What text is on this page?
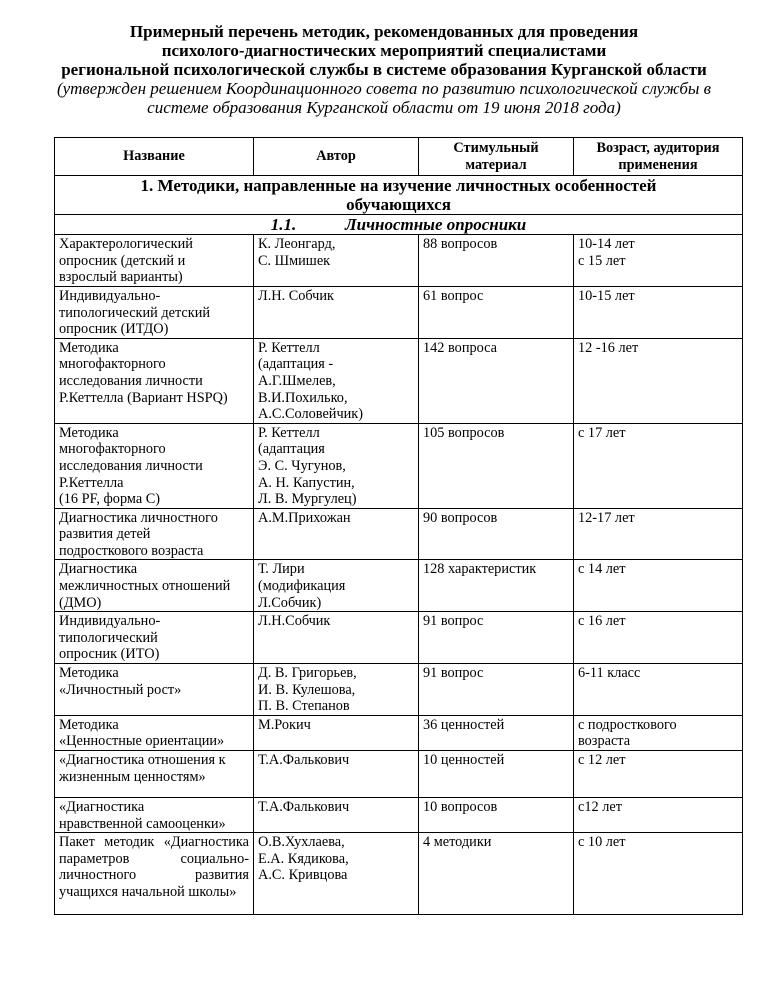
Примерный перечень методик, рекомендованных для проведения
психолого-диагностических мероприятий специалистами
региональной психологической службы в системе образования Курганской области
(утвержден решением Координационного совета по развитию психологической службы в
системе образования Курганской области от 19 июня 2018 года)
Название	Автор	Стимульный
материал	Возраст, аудитория
применения
1. Методики, направленные на изучение личностных особенностей
обучающихся			
1.1. Личностные опросники			
Характерологический
опросник (детский и
взрослый варианты)	К. Леонгард,
С. Шмишек	88 вопросов	10-14 лет
с 15 лет
Индивидуально-
типологический детский
опросник (ИТДО)	Л.Н. Собчик	61 вопрос	10-15 лет
Методика
многофакторного
исследования личности
Р.Кеттелла (Вариант HSPQ)	Р. Кеттелл
(адаптация -
А.Г.Шмелев,
В.И.Похилько,
А.С.Соловейчик)	142 вопроса	12 -16 лет
Методика
многофакторного
исследования личности
Р.Кеттелла
(16 PF, форма С)	Р. Кеттелл
(адаптация
Э. С. Чугунов,
А. Н. Капустин,
Л. В. Мургулец)	105 вопросов	с 17 лет
Диагностика личностного
развития детей
подросткового возраста	А.М.Прихожан	90 вопросов	12-17 лет
Диагностика
межличностных отношений
(ДМО)	Т. Лири
(модификация
Л.Собчик)	128 характеристик	с 14 лет
Индивидуально-
типологический
опросник (ИТО)	Л.Н.Собчик	91 вопрос	с 16 лет
Методика
«Личностный рост»	Д. В. Григорьев,
И. В. Кулешова,
П. В. Степанов	91 вопрос	6-11 класс
Методика
«Ценностные ориентации»	М.Рокич	36 ценностей	с подросткового
возраста
«Диагностика отношения к
жизненным ценностям»	Т.А.Фалькович	10 ценностей	с 12 лет
«Диагностика
нравственной самооценки»	Т.А.Фалькович	10 вопросов	с12 лет
Пакет методик «Диагностика параметров социально-личностного развития учащихся начальной школы»	О.В.Хухлаева,
Е.А. Кядикова,
А.С. Кривцова	4 методики	с 10 лет
